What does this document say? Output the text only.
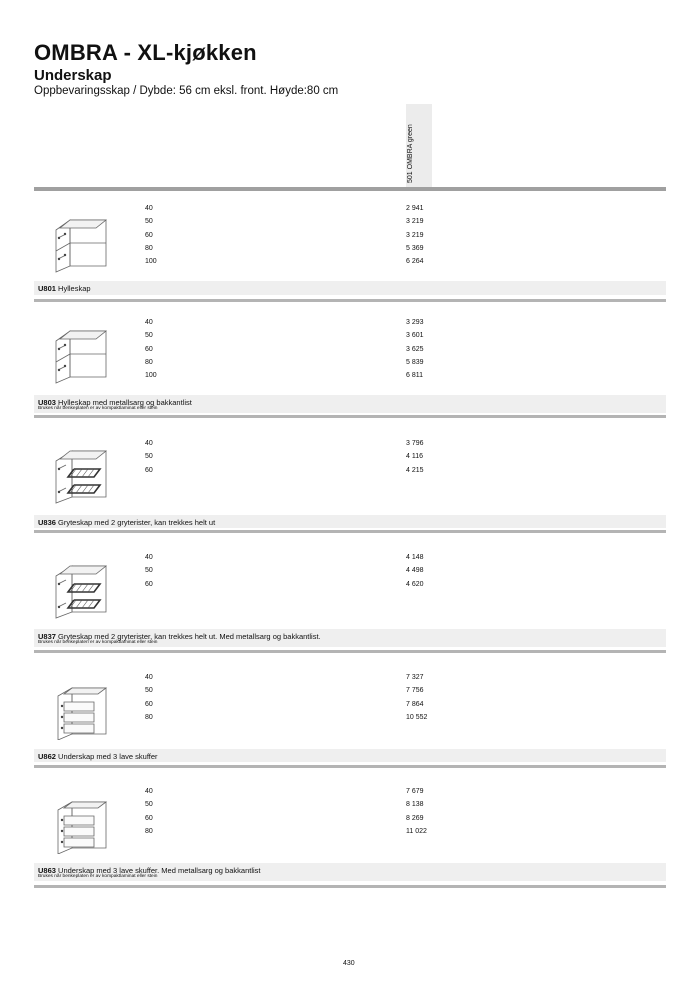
OMBRA - XL-kjøkken
Underskap
Oppbevaringsskap / Dybde: 56 cm eksl. front. Høyde:80 cm
501 OMBRA green
40	2 941
50	3 219
60	3 219
80	5 369
100	6 264
U801 Hylleskap
40	3 293
50	3 601
60	3 625
80	5 839
100	6 811
U803 Hylleskap med metallsarg og bakkantlist
Brukes når benkeplaten er av kompaktlaminat eller stein
40	3 796
50	4 116
60	4 215
U836 Gryteskap med 2 gryterister, kan trekkes helt ut
40	4 148
50	4 498
60	4 620
U837 Gryteskap med 2 gryterister, kan trekkes helt ut. Med metallsarg og bakkantlist.
Brukes når benkeplaten er av kompaktlaminat eller stein
40	7 327
50	7 756
60	7 864
80	10 552
U862 Underskap med 3 lave skuffer
40	7 679
50	8 138
60	8 269
80	11 022
U863 Underskap med 3 lave skuffer. Med metallsarg og bakkantlist
Brukes når benkeplaten er av kompaktlaminat eller stein
430
